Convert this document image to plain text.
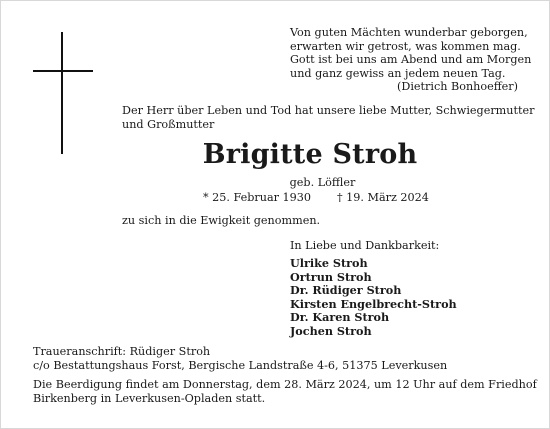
Von guten Mächten wunderbar geborgen,
erwarten wir getrost, was kommen mag.
Gott ist bei uns am Abend und am Morgen
und ganz gewiss an jedem neuen Tag.
(Dietrich Bonhoeffer)
Der Herr über Leben und Tod hat unsere liebe Mutter, Schwiegermutter
und Großmutter
Brigitte Stroh
geb. Löffler
* 25. Februar 1930 † 19. März 2024
zu sich in die Ewigkeit genommen.
In Liebe und Dankbarkeit:
Ulrike Stroh
Ortrun Stroh
Dr. Rüdiger Stroh
Kirsten Engelbrecht-Stroh
Dr. Karen Stroh
Jochen Stroh
Traueranschrift: Rüdiger Stroh
c/o Bestattungshaus Forst, Bergische Landstraße 4-6, 51375 Leverkusen
Die Beerdigung findet am Donnerstag, dem 28. März 2024, um 12 Uhr auf dem Friedhof
Birkenberg in Leverkusen-Opladen statt.
